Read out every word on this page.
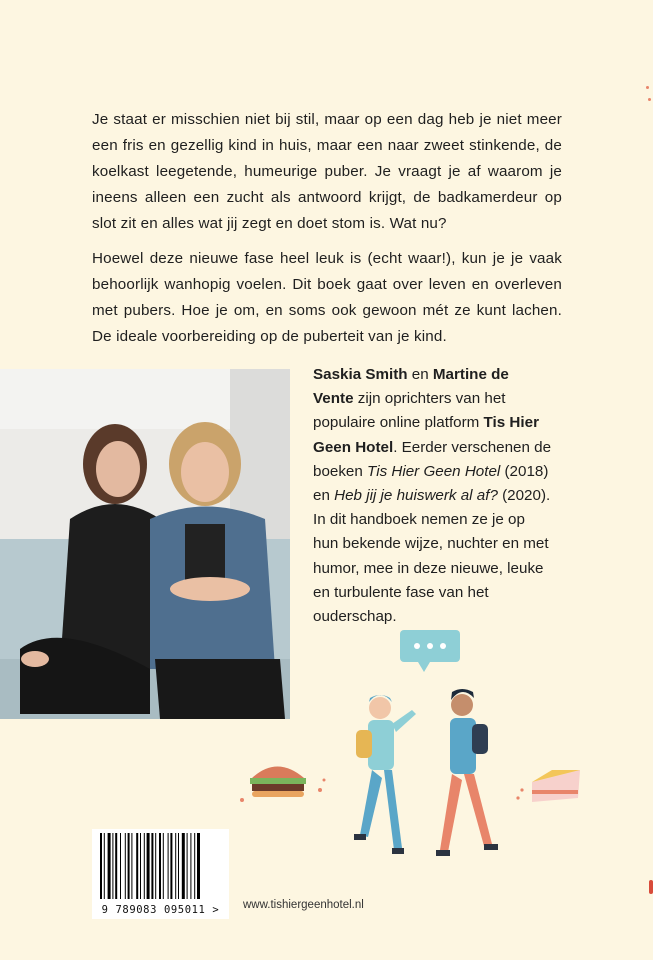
Je staat er misschien niet bij stil, maar op een dag heb je niet meer een fris en gezellig kind in huis, maar een naar zweet stinkende, de koelkast leegetende, humeurige puber. Je vraagt je af waarom je ineens alleen een zucht als antwoord krijgt, de badkamerdeur op slot zit en alles wat jij zegt en doet stom is. Wat nu?

Hoewel deze nieuwe fase heel leuk is (echt waar!), kun je je vaak behoorlijk wanhopig voelen. Dit boek gaat over leven en overleven met pubers. Hoe je om, en soms ook gewoon mét ze kunt lachen. De ideale voorbereiding op de puberteit van je kind.

Saskia Smith en Martine de Vente zijn oprichters van het populaire online platform Tis Hier Geen Hotel. Eerder verschenen de boeken Tis Hier Geen Hotel (2018) en Heb jij je huiswerk al af? (2020). In dit handboek nemen ze je op hun bekende wijze, nuchter en met humor, mee in deze nieuwe, leuke en turbulente fase van het ouderschap.

9 789083 095011 >	www.tishiergeenhotel.nl
